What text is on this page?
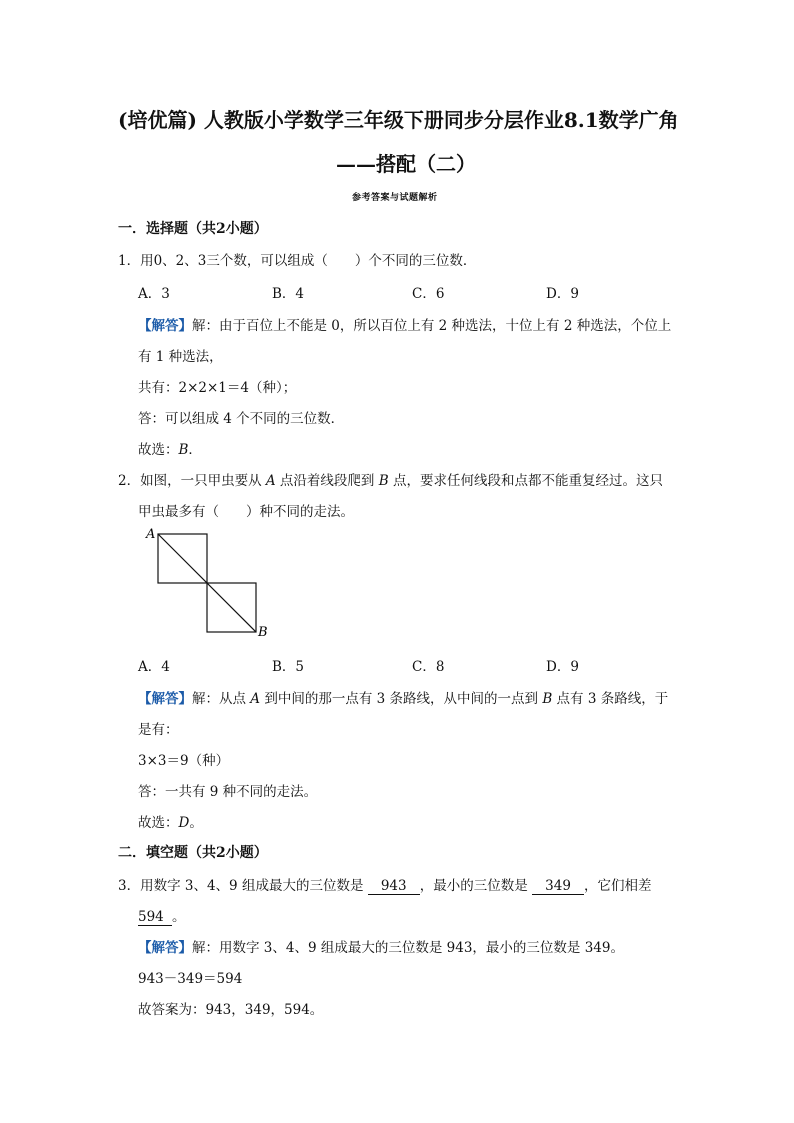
(培优篇) 人教版小学数学三年级下册同步分层作业8.1数学广角
——搭配（二）
参考答案与试题解析
一．选择题（共2小题）
1．用0、2、3三个数，可以组成（　　）个不同的三位数．
A．3	B．4	C．6	D．9
【解答】解：由于百位上不能是 0，所以百位上有 2 种选法，十位上有 2 种选法，个位上
有 1 种选法，
共有：2×2×1＝4（种）；
答：可以组成 4 个不同的三位数．
故选：B．
2．如图，一只甲虫要从 A 点沿着线段爬到 B 点，要求任何线段和点都不能重复经过。这只
甲虫最多有（　　）种不同的走法。
A
B
A．4	B．5	C．8	D．9
【解答】解：从点 A 到中间的那一点有 3 条路线，从中间的一点到 B 点有 3 条路线，于
是有：
3×3＝9（种）
答：一共有 9 种不同的走法。
故选：D。
二．填空题（共2小题）
3．用数字 3、4、9 组成最大的三位数是 943 ，最小的三位数是 349 ，它们相差
594 。
【解答】解：用数字 3、4、9 组成最大的三位数是 943，最小的三位数是 349。
943－349＝594
故答案为：943，349，594。
